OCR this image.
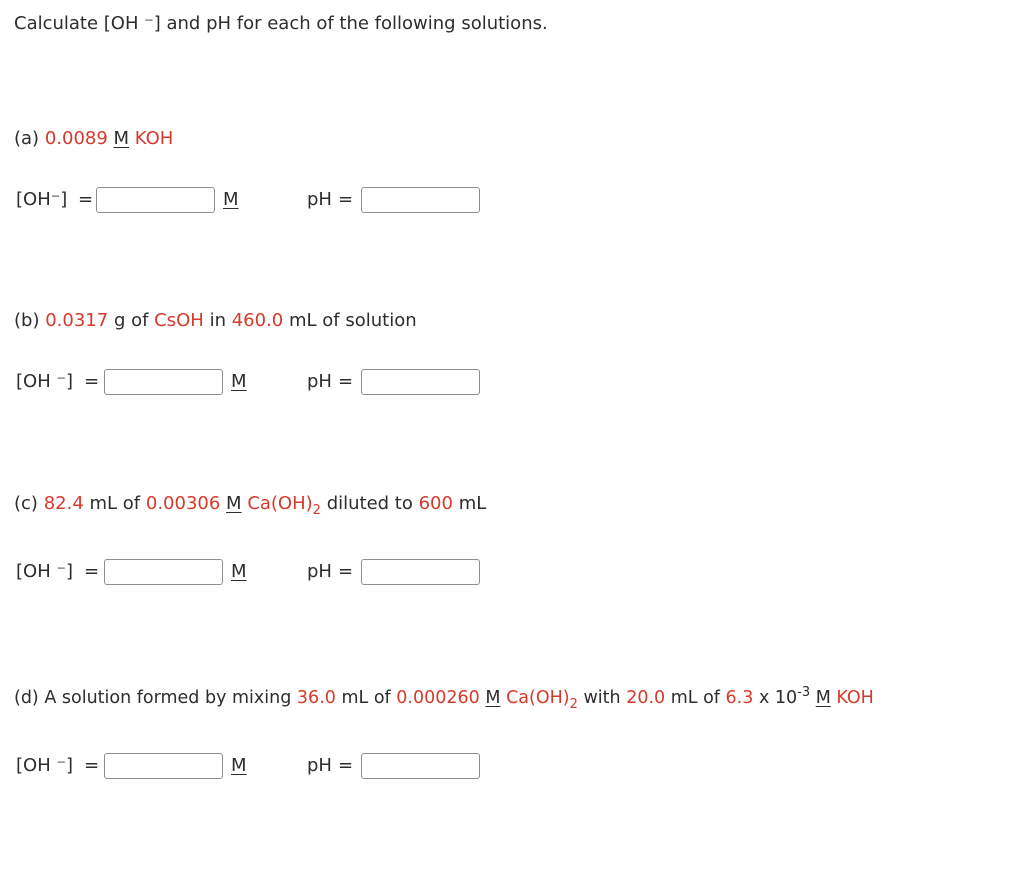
Calculate [OH ⁻] and pH for each of the following solutions.
(a) 0.0089 M KOH
[OH⁻] =	M	pH =
(b) 0.0317 g of CsOH in 460.0 mL of solution
[OH ⁻] =	M	pH =
(c) 82.4 mL of 0.00306 M $Ca(OH)_2$ diluted to 600 mL
[OH ⁻] =	M	pH =
(d) A solution formed by mixing 36.0 mL of 0.000260 M $Ca(OH)_2$ with 20.0 mL of 6.3 x $10^{-3}$ M KOH
[OH ⁻] =	M	pH =
